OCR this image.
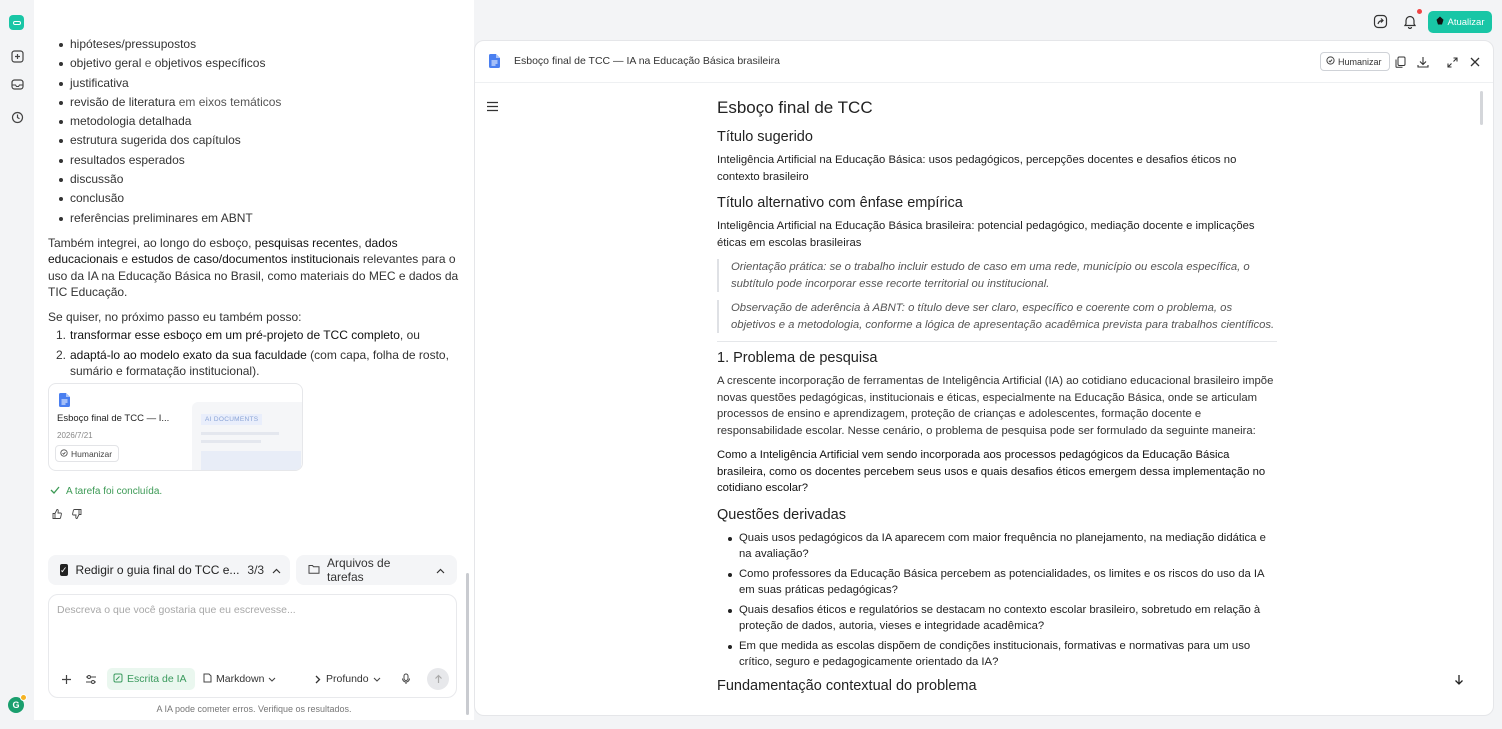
G
hipóteses/pressupostos
objetivo geral e objetivos específicos
justificativa
revisão de literatura em eixos temáticos
metodologia detalhada
estrutura sugerida dos capítulos
resultados esperados
discussão
conclusão
referências preliminares em ABNT

Também integrei, ao longo do esboço, pesquisas recentes, dados educacionais e estudos de caso/documentos institucionais relevantes para o uso da IA na Educação Básica no Brasil, como materiais do MEC e dados da TIC Educação.

Se quiser, no próximo passo eu também posso:

1. transformar esse esboço em um pré-projeto de TCC completo, ou
2. adaptá-lo ao modelo exato da sua faculdade (com capa, folha de rosto, sumário e formatação institucional).
Esboço final de TCC — I...
2026/7/21
Humanizar
AI DOCUMENTS
A tarefa foi concluída.
✓ Redigir o guia final do TCC e... 3/3	Arquivos de tarefas
Descreva o que você gostaria que eu escrevesse...
Escrita de IA	Markdown	Profundo
A IA pode cometer erros. Verifique os resultados.
Atualizar
Esboço final de TCC — IA na Educação Básica brasileira	Humanizar
Esboço final de TCC
Título sugerido

Inteligência Artificial na Educação Básica: usos pedagógicos, percepções docentes e desafios éticos no contexto brasileiro

Título alternativo com ênfase empírica

Inteligência Artificial na Educação Básica brasileira: potencial pedagógico, mediação docente e implicações éticas em escolas brasileiras

Orientação prática: se o trabalho incluir estudo de caso em uma rede, município ou escola específica, o subtítulo pode incorporar esse recorte territorial ou institucional.
Observação de aderência à ABNT: o título deve ser claro, específico e coerente com o problema, os objetivos e a metodologia, conforme a lógica de apresentação acadêmica prevista para trabalhos científicos.
1. Problema de pesquisa

A crescente incorporação de ferramentas de Inteligência Artificial (IA) ao cotidiano educacional brasileiro impõe novas questões pedagógicas, institucionais e éticas, especialmente na Educação Básica, onde se articulam processos de ensino e aprendizagem, proteção de crianças e adolescentes, formação docente e responsabilidade escolar. Nesse cenário, o problema de pesquisa pode ser formulado da seguinte maneira:

Como a Inteligência Artificial vem sendo incorporada aos processos pedagógicos da Educação Básica brasileira, como os docentes percebem seus usos e quais desafios éticos emergem dessa implementação no cotidiano escolar?

Questões derivadas
Quais usos pedagógicos da IA aparecem com maior frequência no planejamento, na mediação didática e na avaliação?
Como professores da Educação Básica percebem as potencialidades, os limites e os riscos do uso da IA em suas práticas pedagógicas?
Quais desafios éticos e regulatórios se destacam no contexto escolar brasileiro, sobretudo em relação à proteção de dados, autoria, vieses e integridade acadêmica?
Em que medida as escolas dispõem de condições institucionais, formativas e normativas para um uso crítico, seguro e pedagogicamente orientado da IA?
Fundamentação contextual do problema
